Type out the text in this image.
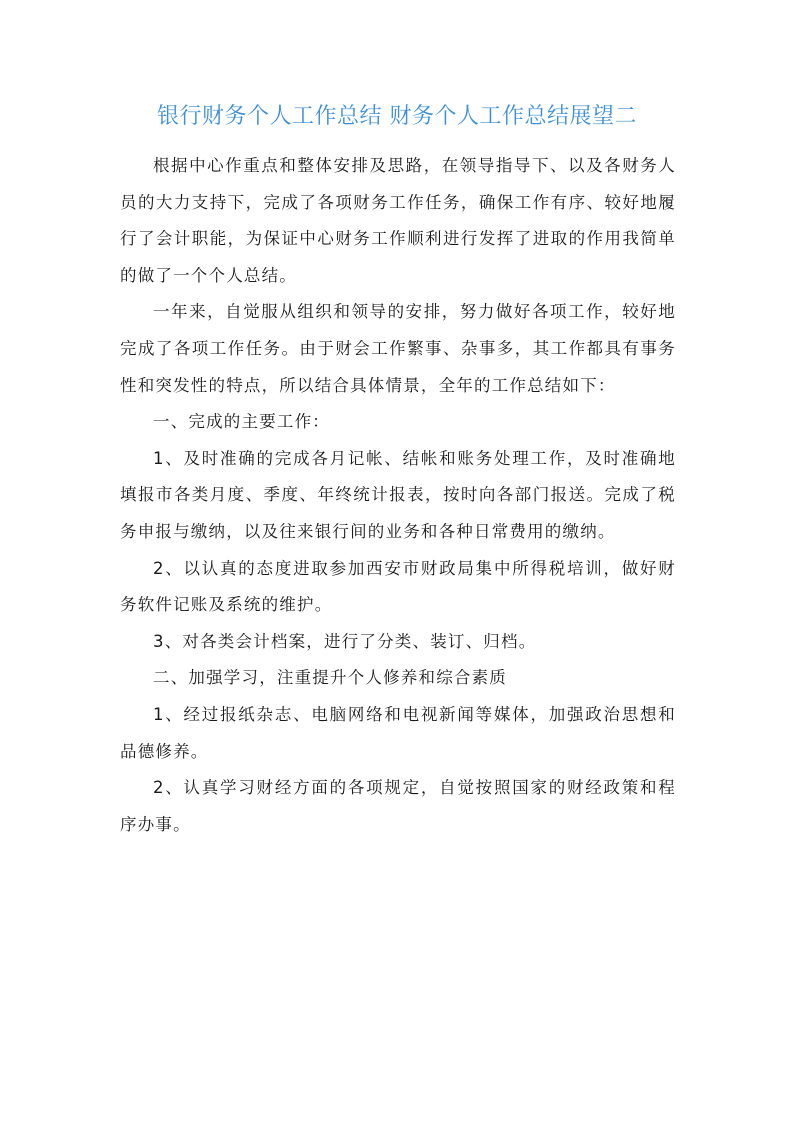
银行财务个人工作总结 财务个人工作总结展望二

根据中心作重点和整体安排及思路，在领导指导下、以及各财务人员的大力支持下，完成了各项财务工作任务，确保工作有序、较好地履行了会计职能，为保证中心财务工作顺利进行发挥了进取的作用我简单的做了一个个人总结。

一年来，自觉服从组织和领导的安排，努力做好各项工作，较好地完成了各项工作任务。由于财会工作繁事、杂事多，其工作都具有事务性和突发性的特点，所以结合具体情景，全年的工作总结如下：

一、完成的主要工作：

1、及时准确的完成各月记帐、结帐和账务处理工作，及时准确地填报市各类月度、季度、年终统计报表，按时向各部门报送。完成了税务申报与缴纳，以及往来银行间的业务和各种日常费用的缴纳。

2、以认真的态度进取参加西安市财政局集中所得税培训，做好财务软件记账及系统的维护。

3、对各类会计档案，进行了分类、装订、归档。

二、加强学习，注重提升个人修养和综合素质

1、经过报纸杂志、电脑网络和电视新闻等媒体，加强政治思想和品德修养。

2、认真学习财经方面的各项规定，自觉按照国家的财经政策和程序办事。
